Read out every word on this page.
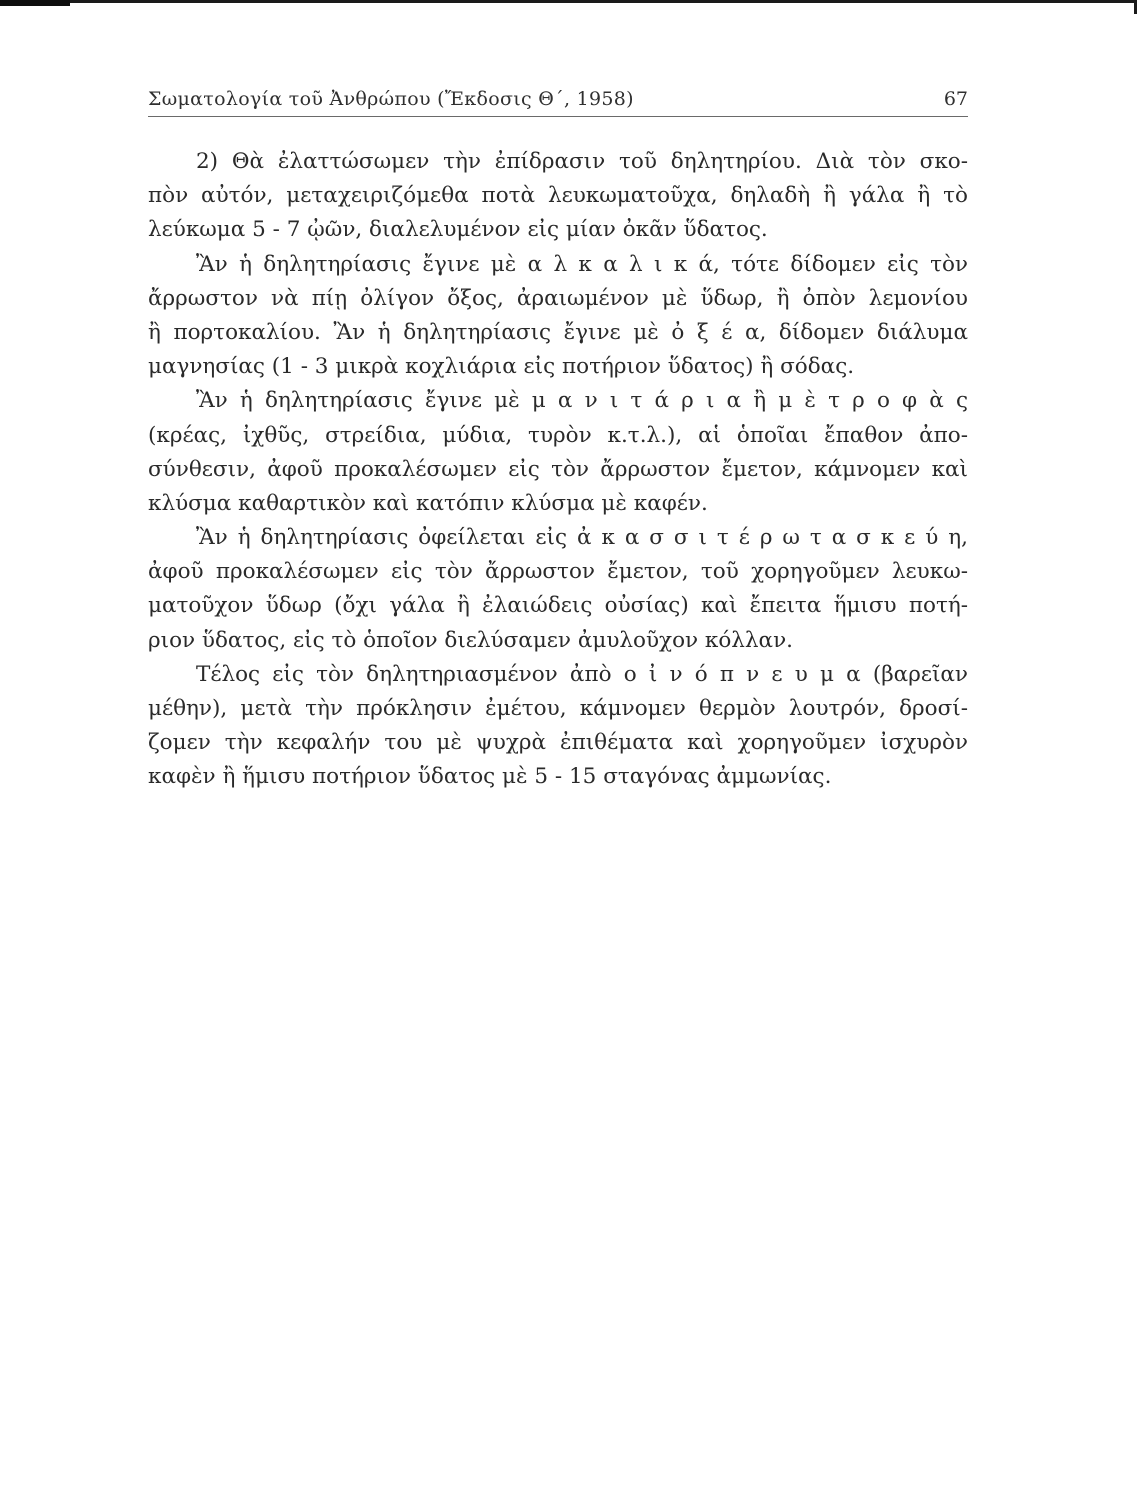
Σωματολογία τοῦ Ἀνθρώπου (Ἔκδοσις Θ΄, 1958)	67
2) Θὰ ἐλαττώσωμεν τὴν ἐπίδρασιν τοῦ δηλητηρίου. Διὰ τὸν σκο-
πὸν αὐτόν, μεταχειριζόμεθα ποτὰ λευκωματοῦχα, δηλαδὴ ἢ γάλα ἢ τὸ
λεύκωμα 5 - 7 ᾠῶν, διαλελυμένον εἰς μίαν ὀκᾶν ὕδατος.
Ἂν ἡ δηλητηρίασις ἔγινε μὲ α λ κ α λ ι κ ά, τότε δίδομεν εἰς τὸν
ἄρρωστον νὰ πίῃ ὀλίγον ὄξος, ἀραιωμένον μὲ ὕδωρ, ἢ ὀπὸν λεμονίου
ἢ πορτοκαλίου. Ἂν ἡ δηλητηρίασις ἔγινε μὲ ὀ ξ έ α, δίδομεν διάλυμα
μαγνησίας (1 - 3 μικρὰ κοχλιάρια εἰς ποτήριον ὕδατος) ἢ σόδας.
Ἂν ἡ δηλητηρίασις ἔγινε μὲ μ α ν ι τ ά ρ ι α ἢ μ ὲ τ ρ ο φ ὰ ς
(κρέας, ἰχθῦς, στρείδια, μύδια, τυρὸν κ.τ.λ.), αἱ ὁποῖαι ἔπαθον ἀπο-
σύνθεσιν, ἀφοῦ προκαλέσωμεν εἰς τὸν ἄρρωστον ἔμετον, κάμνομεν καὶ
κλύσμα καθαρτικὸν καὶ κατόπιν κλύσμα μὲ καφέν.
Ἂν ἡ δηλητηρίασις ὀφείλεται εἰς ἀ κ α σ σ ι τ έ ρ ω τ α σ κ ε ύ η,
ἀφοῦ προκαλέσωμεν εἰς τὸν ἄρρωστον ἔμετον, τοῦ χορηγοῦμεν λευκω-
ματοῦχον ὕδωρ (ὄχι γάλα ἢ ἐλαιώδεις οὐσίας) καὶ ἔπειτα ἥμισυ ποτή-
ριον ὕδατος, εἰς τὸ ὁποῖον διελύσαμεν ἀμυλοῦχον κόλλαν.
Τέλος εἰς τὸν δηλητηριασμένον ἀπὸ ο ἰ ν ό π ν ε υ μ α (βαρεῖαν
μέθην), μετὰ τὴν πρόκλησιν ἐμέτου, κάμνομεν θερμὸν λουτρόν, δροσί-
ζομεν τὴν κεφαλήν του μὲ ψυχρὰ ἐπιθέματα καὶ χορηγοῦμεν ἰσχυρὸν
καφὲν ἢ ἥμισυ ποτήριον ὕδατος μὲ 5 - 15 σταγόνας ἀμμωνίας.
